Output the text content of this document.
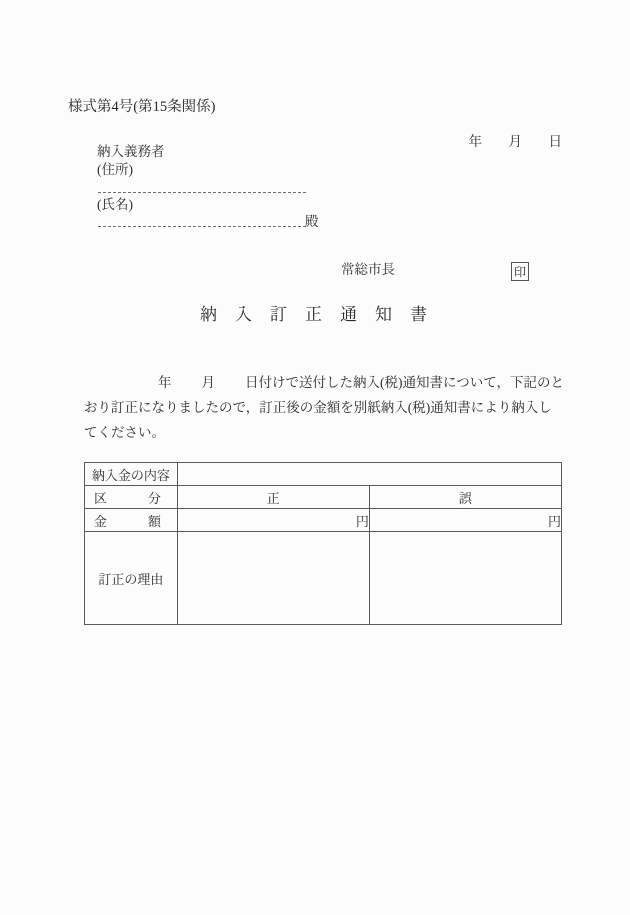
様式第4号(第15条関係)

年 月 日

納入義務者
(住所)
(氏名)
殿
常総市長	印
納入訂正通知書
年 月 日付けで送付した納入(税)通知書について，下記のとおり訂正になりましたので，訂正後の金額を別紙納入(税)通知書により納入してください。
納入金の内容		
区　分	正	誤
金　額	円	円
訂正の理由		
